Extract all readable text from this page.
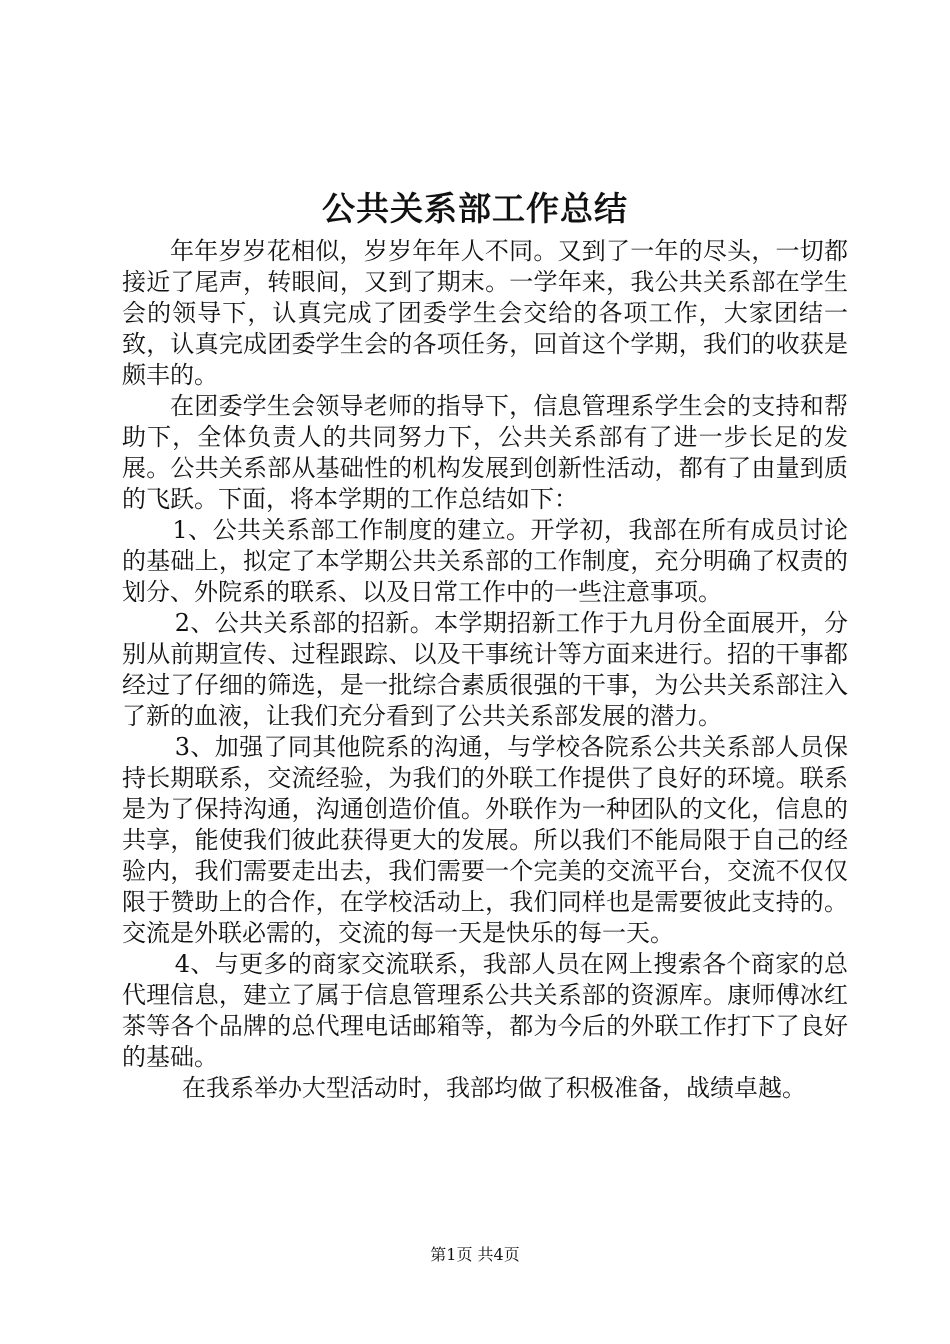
公共关系部工作总结

年年岁岁花相似，岁岁年年人不同。又到了一年的尽头，一切都接近了尾声，转眼间，又到了期末。一学年来，我公共关系部在学生会的领导下，认真完成了团委学生会交给的各项工作，大家团结一致，认真完成团委学生会的各项任务，回首这个学期，我们的收获是颇丰的。

在团委学生会领导老师的指导下，信息管理系学生会的支持和帮助下，全体负责人的共同努力下，公共关系部有了进一步长足的发展。公共关系部从基础性的机构发展到创新性活动，都有了由量到质的飞跃。下面，将本学期的工作总结如下：

1、公共关系部工作制度的建立。开学初，我部在所有成员讨论的基础上，拟定了本学期公共关系部的工作制度，充分明确了权责的划分、外院系的联系、以及日常工作中的一些注意事项。

2、公共关系部的招新。本学期招新工作于九月份全面展开，分别从前期宣传、过程跟踪、以及干事统计等方面来进行。招的干事都经过了仔细的筛选，是一批综合素质很强的干事，为公共关系部注入了新的血液，让我们充分看到了公共关系部发展的潜力。

3、加强了同其他院系的沟通，与学校各院系公共关系部人员保持长期联系，交流经验，为我们的外联工作提供了良好的环境。联系是为了保持沟通，沟通创造价值。外联作为一种团队的文化，信息的共享，能使我们彼此获得更大的发展。所以我们不能局限于自己的经验内，我们需要走出去，我们需要一个完美的交流平台，交流不仅仅限于赞助上的合作，在学校活动上，我们同样也是需要彼此支持的。交流是外联必需的，交流的每一天是快乐的每一天。

4、与更多的商家交流联系，我部人员在网上搜索各个商家的总代理信息，建立了属于信息管理系公共关系部的资源库。康师傅冰红茶等各个品牌的总代理电话邮箱等，都为今后的外联工作打下了良好的基础。

在我系举办大型活动时，我部均做了积极准备，战绩卓越。

第1页 共4页
